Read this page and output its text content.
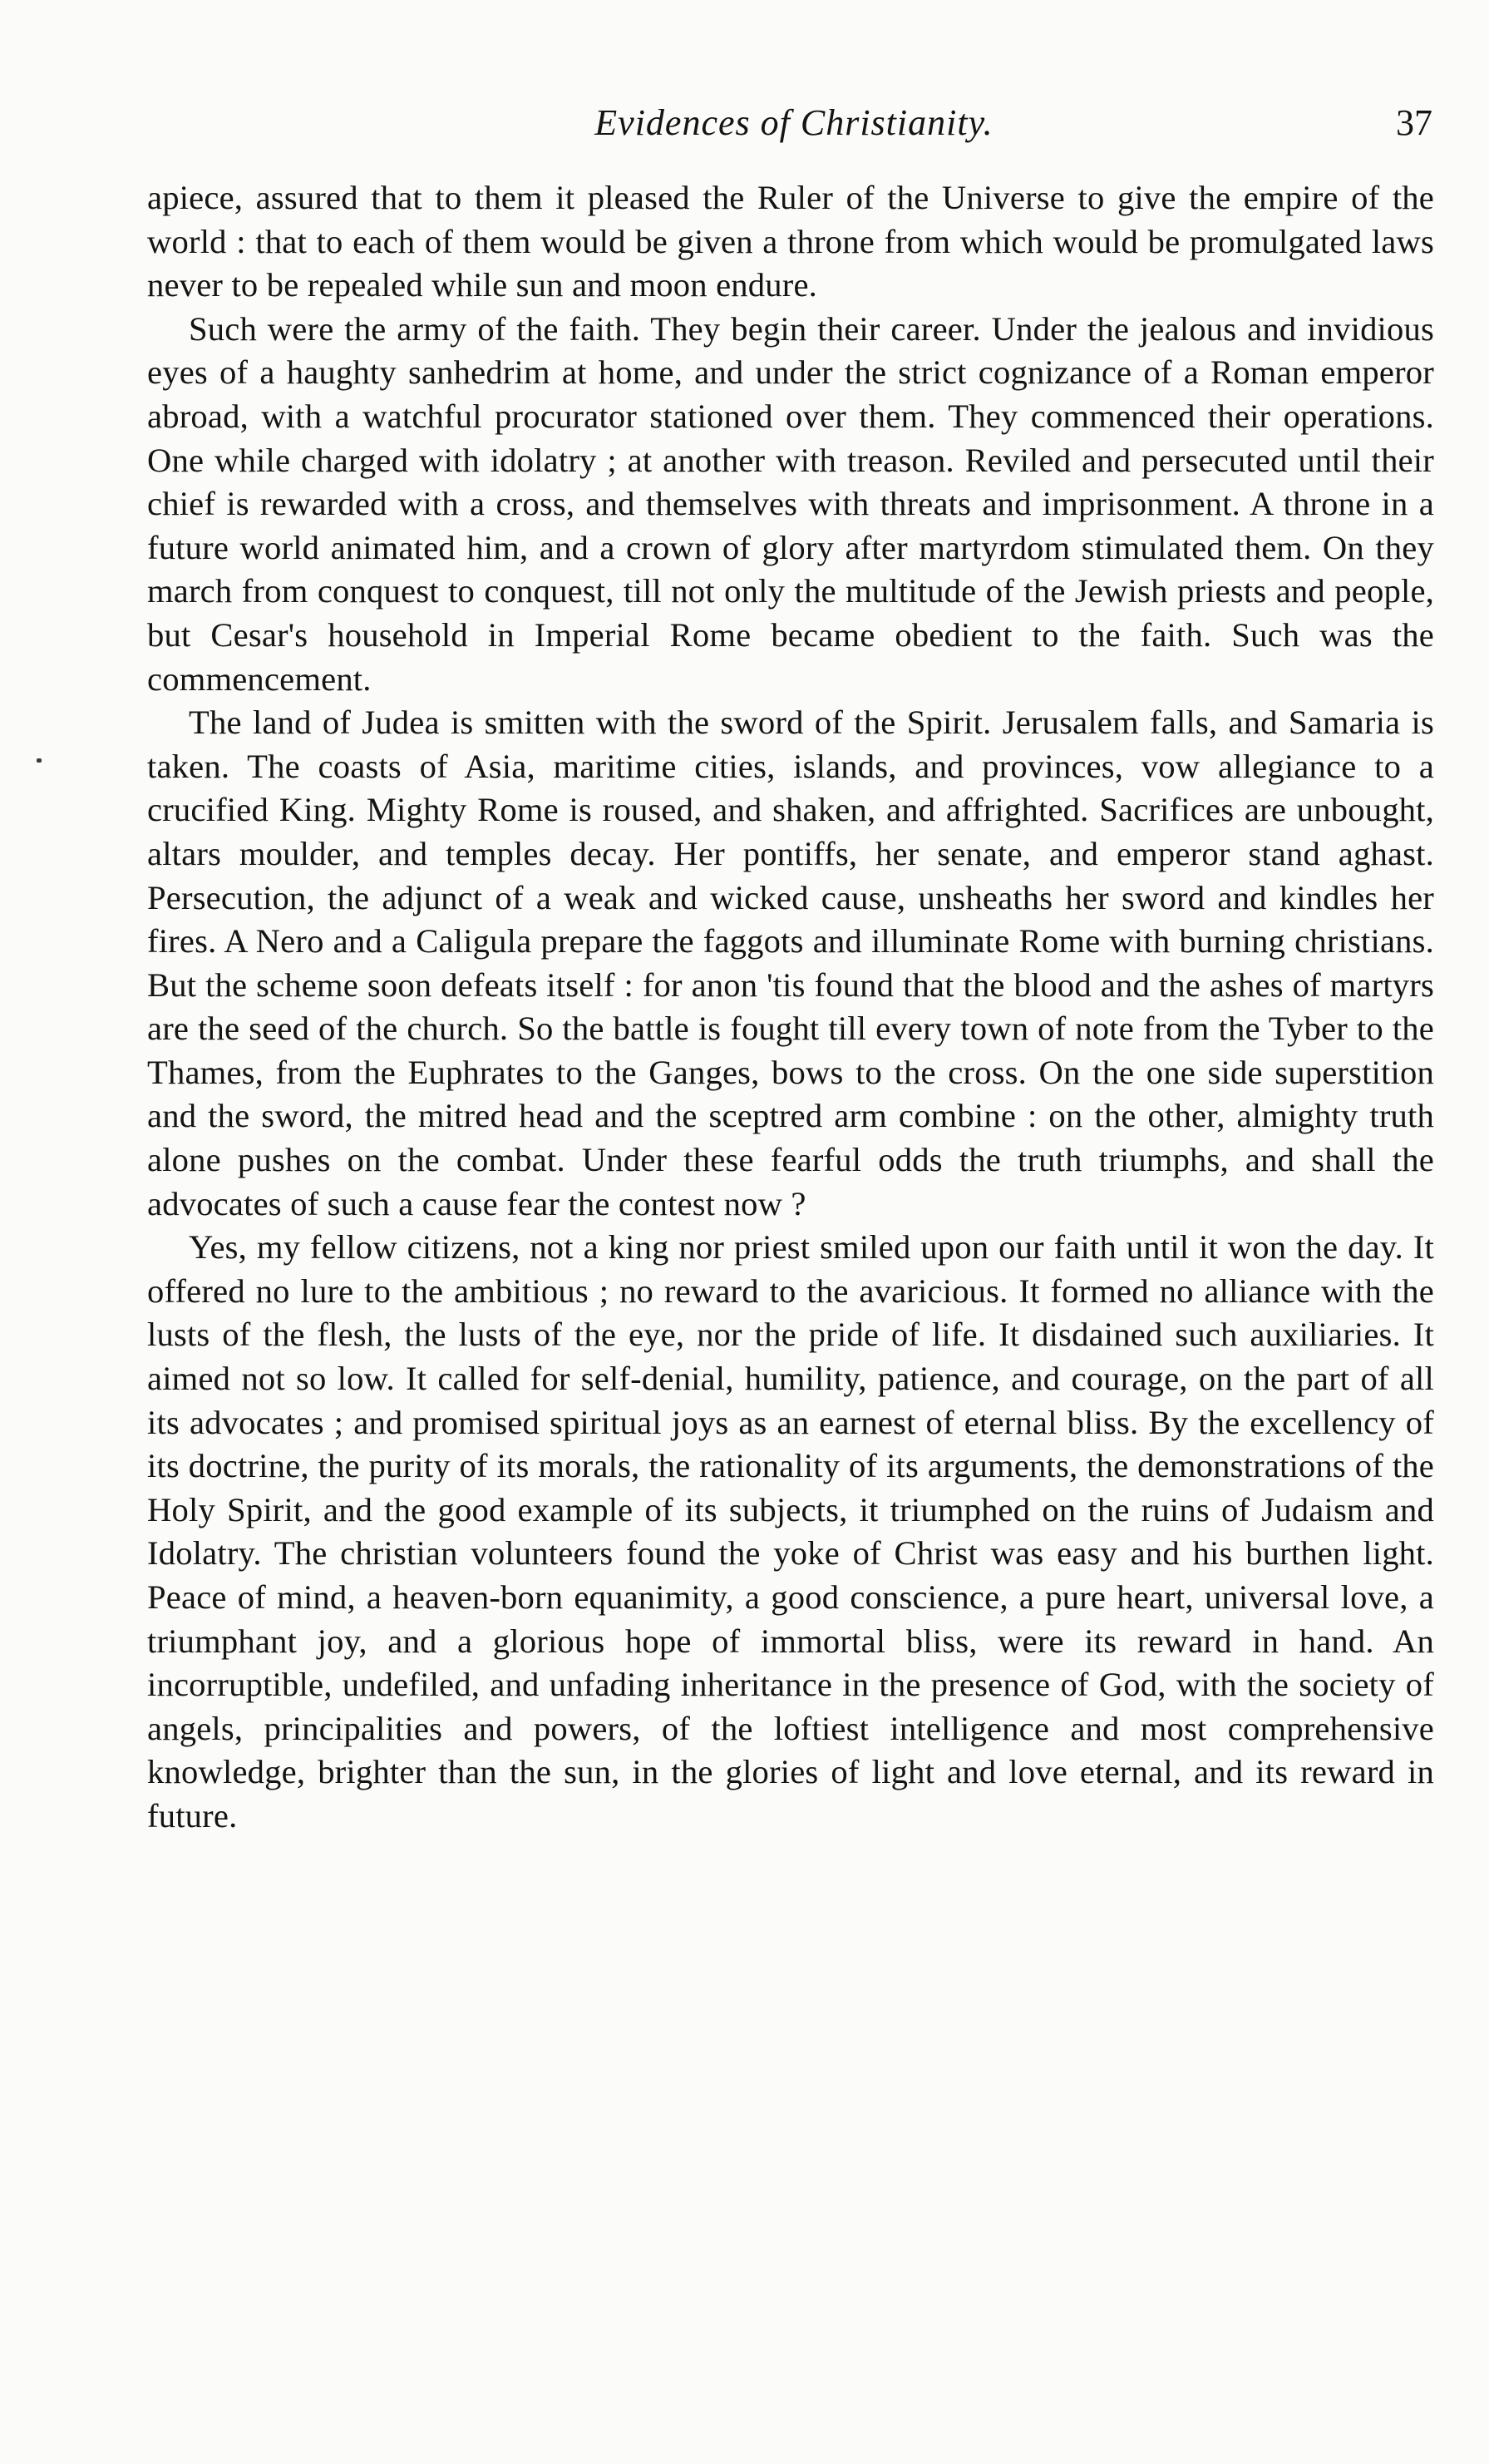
Evidences of Christianity.	37

apiece, assured that to them it pleased the Ruler of the Universe to give the empire of the world : that to each of them would be given a throne from which would be promulgated laws never to be repealed while sun and moon endure.

Such were the army of the faith. They begin their career. Under the jealous and invidious eyes of a haughty sanhedrim at home, and under the strict cognizance of a Roman emperor abroad, with a watchful procurator stationed over them. They commenced their operations. One while charged with idolatry ; at another with treason. Reviled and persecuted until their chief is rewarded with a cross, and themselves with threats and imprisonment. A throne in a future world animated him, and a crown of glory after martyrdom stimulated them. On they march from conquest to conquest, till not only the multitude of the Jewish priests and people, but Cesar's household in Imperial Rome became obedient to the faith. Such was the commencement.

The land of Judea is smitten with the sword of the Spirit. Jerusalem falls, and Samaria is taken. The coasts of Asia, maritime cities, islands, and provinces, vow allegiance to a crucified King. Mighty Rome is roused, and shaken, and affrighted. Sacrifices are unbought, altars moulder, and temples decay. Her pontiffs, her senate, and emperor stand aghast. Persecution, the adjunct of a weak and wicked cause, unsheaths her sword and kindles her fires. A Nero and a Caligula prepare the faggots and illuminate Rome with burning christians. But the scheme soon defeats itself : for anon 'tis found that the blood and the ashes of martyrs are the seed of the church. So the battle is fought till every town of note from the Tyber to the Thames, from the Euphrates to the Ganges, bows to the cross. On the one side superstition and the sword, the mitred head and the sceptred arm combine : on the other, almighty truth alone pushes on the combat. Under these fearful odds the truth triumphs, and shall the advocates of such a cause fear the contest now ?

Yes, my fellow citizens, not a king nor priest smiled upon our faith until it won the day. It offered no lure to the ambitious ; no reward to the avaricious. It formed no alliance with the lusts of the flesh, the lusts of the eye, nor the pride of life. It disdained such auxiliaries. It aimed not so low. It called for self-denial, humility, patience, and courage, on the part of all its advocates ; and promised spiritual joys as an earnest of eternal bliss. By the excellency of its doctrine, the purity of its morals, the rationality of its arguments, the demonstrations of the Holy Spirit, and the good example of its subjects, it triumphed on the ruins of Judaism and Idolatry. The christian volunteers found the yoke of Christ was easy and his burthen light. Peace of mind, a heaven-born equanimity, a good conscience, a pure heart, universal love, a triumphant joy, and a glorious hope of immortal bliss, were its reward in hand. An incorruptible, undefiled, and unfading inheritance in the presence of God, with the society of angels, principalities and powers, of the loftiest intelligence and most comprehensive knowledge, brighter than the sun, in the glories of light and love eternal, and its reward in future.
